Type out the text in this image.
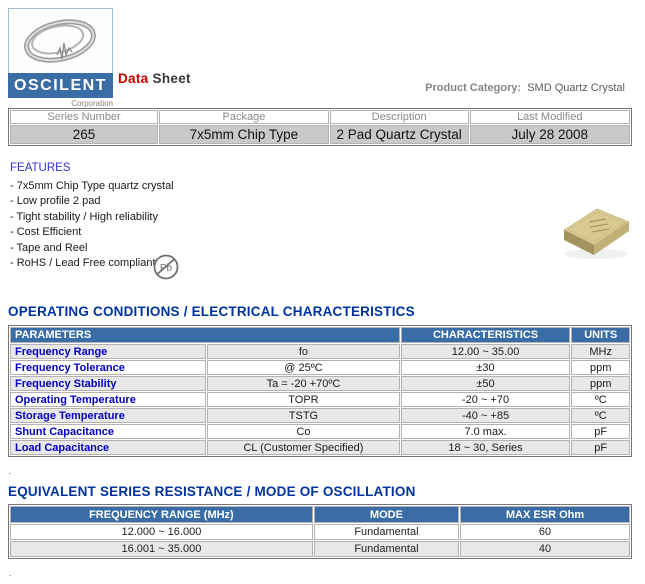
OSCILENT
Corporation
Data Sheet
Product Category: SMD Quartz Crystal
Series Number	Package	Description	Last Modified
265	7x5mm Chip Type	2 Pad Quartz Crystal	July 28 2008
FEATURES
- 7x5mm Chip Type quartz crystal
- Low profile 2 pad
- Tight stability / High reliability
- Cost Efficient
- Tape and Reel
- RoHS / Lead Free compliant Pb
OPERATING CONDITIONS / ELECTRICAL CHARACTERISTICS
PARAMETERS		CHARACTERISTICS	UNITS
Frequency Range	fo	12.00 ~ 35.00	MHz
Frequency Tolerance	@ 25ºC	±30	ppm
Frequency Stability	Ta = -20 +70ºC	±50	ppm
Operating Temperature	TOPR	-20 ~ +70	ºC
Storage Temperature	TSTG	-40 ~ +85	ºC
Shunt Capacitance	Co	7.0 max.	pF
Load Capacitance	CL (Customer Specified)	18 ~ 30, Series	pF
.
EQUIVALENT SERIES RESISTANCE / MODE OF OSCILLATION
FREQUENCY RANGE (MHz)	MODE	MAX ESR Ohm
12.000 ~ 16.000	Fundamental	60
16.001 ~ 35.000	Fundamental	40
.
